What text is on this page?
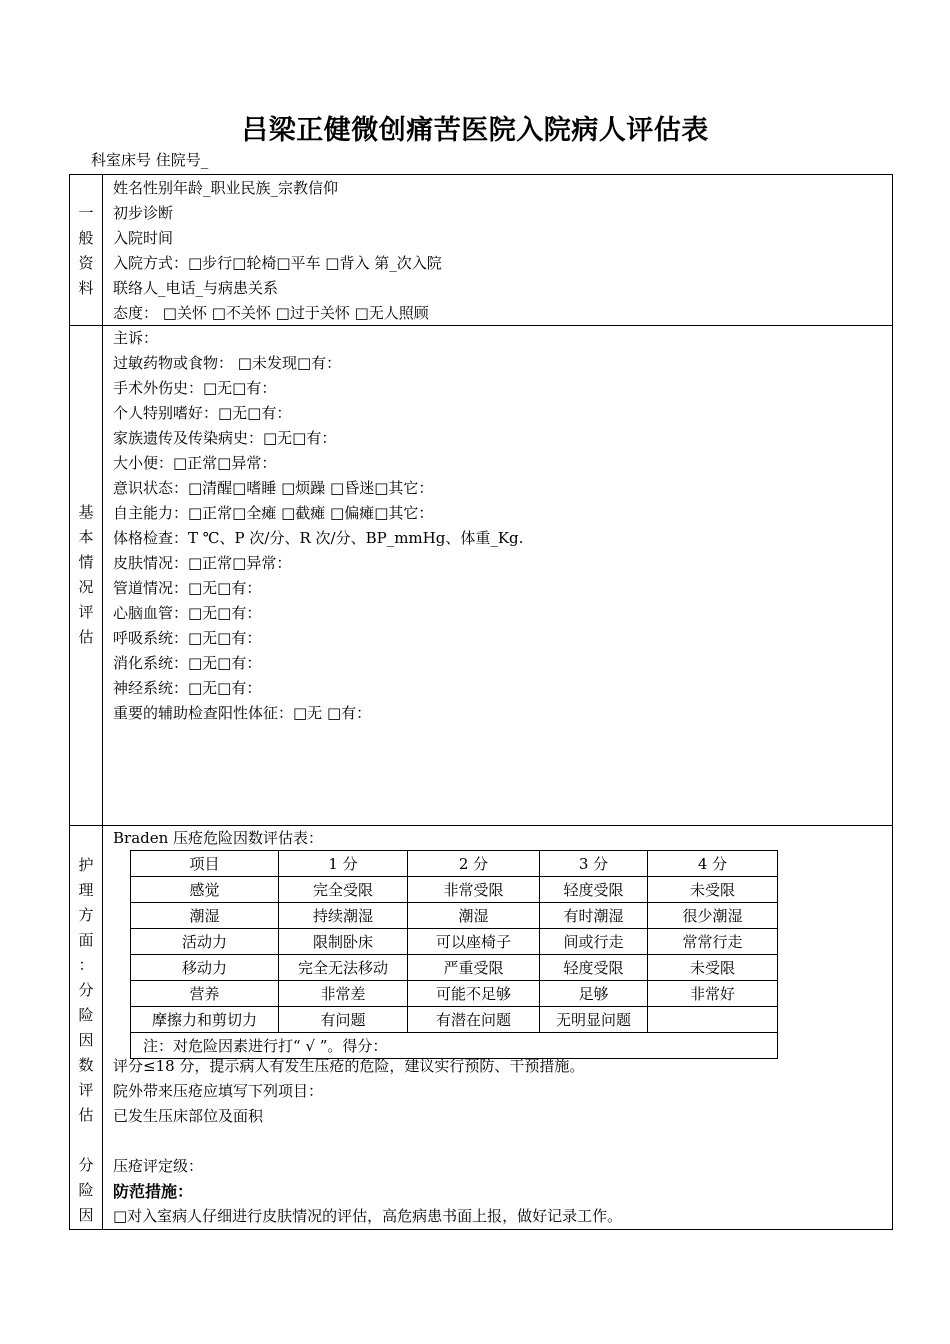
吕梁正健微创痛苦医院入院病人评估表
科室床号 住院号_
一
般
资
料
姓名性别年龄_职业民族_宗教信仰
初步诊断
入院时间
入院方式：□步行□轮椅□平车 □背入 第_次入院
联络人_电话_与病患关系
态度： □关怀 □不关怀 □过于关怀 □无人照顾
基
本
情
况
评
估
主诉：
过敏药物或食物： □未发现□有：
手术外伤史：□无□有：
个人特别嗜好：□无□有：
家族遗传及传染病史：□无□有：
大小便：□正常□异常：
意识状态：□清醒□嗜睡 □烦躁 □昏迷□其它：
自主能力：□正常□全瘫 □截瘫 □偏瘫□其它：
体格检查：T ℃、P 次/分、R 次/分、BP_mmHg、体重_Kg.
皮肤情况：□正常□异常：
管道情况：□无□有：
心脑血管：□无□有：
呼吸系统：□无□有：
消化系统：□无□有：
神经系统：□无□有：
重要的辅助检查阳性体征：□无 □有：
护
理
方
面
：
分
险
因
数
评
估
分
险
因
Braden 压疮危险因数评估表：
项目	1 分	2 分	3 分	4 分
感觉	完全受限	非常受限	轻度受限	未受限
潮湿	持续潮湿	潮湿	有时潮湿	很少潮湿
活动力	限制卧床	可以座椅子	间或行走	常常行走
移动力	完全无法移动	严重受限	轻度受限	未受限
营养	非常差	可能不足够	足够	非常好
摩擦力和剪切力	有问题	有潜在问题	无明显问题	
注：对危险因素进行打“ √ ”。得分：				
评分≤18 分，提示病人有发生压疮的危险，建议实行预防、干预措施。
院外带来压疮应填写下列项目：
已发生压床部位及面积
压疮评定级：
防范措施：
□对入室病人仔细进行皮肤情况的评估，高危病患书面上报，做好记录工作。
